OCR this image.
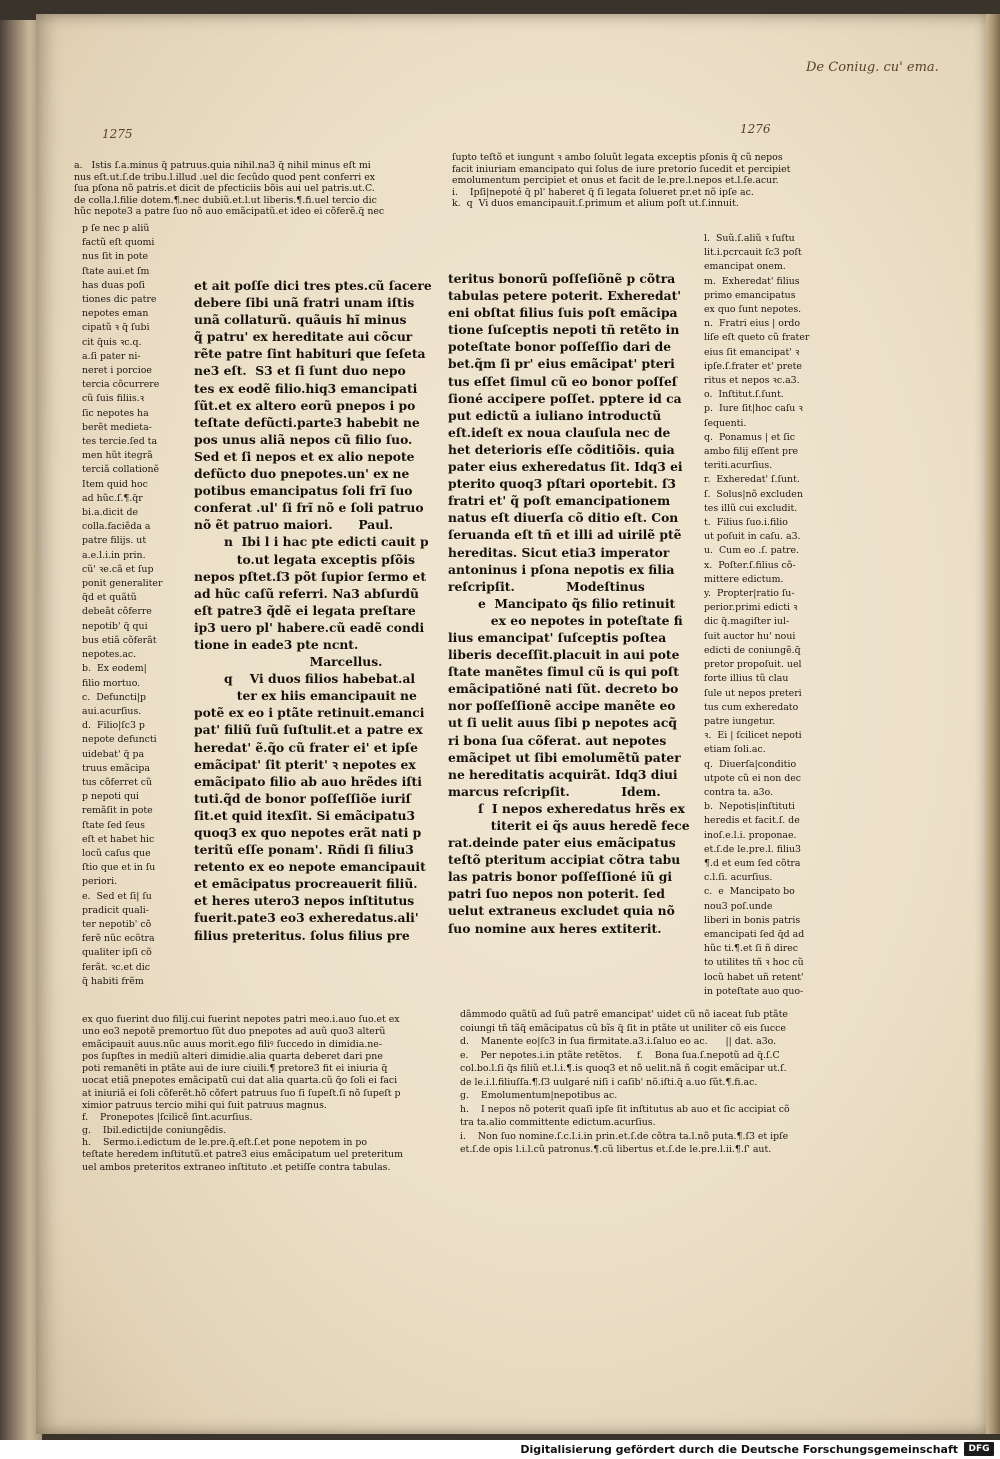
De Coniug. cu' ema.
1275	1276
a.   Istis ſ.a.minus q̃ patruus.quia nihil.na3 q̃ nihil minus eſt mi
nus eſt.ut.ſ.de tribu.l.illud .uel dic ſecũdo quod pent conferri ex
ſua pſona nõ patris.et dicit de pfecticiis bõis aui uel patris.ut.C.
de colla.l.filie dotem.¶.nec dubiũ.et.l.ut liberis.¶.fi.uel tercio dic
hũc nepote3 a patre ſuo nõ auo emãcipatũ.et ideo ei cõferẽ.q̃ nec
ſupto teſtõ et iungunt ꝛ ambo ſoluũt legata exceptis pſonis q̃ cũ nepos
facit iniuriam emancipato qui ſolus de iure pretorio ſucedit et percipiet
emolumentum percipiet et onus et facit de le.pre.l.nepos et.l.ſe.acur.
i.    Ipſi|nepoté q̃ pl' haberet q̃ ſi legata ſolueret pr.et nõ ipſe ac.
k.  q  Vi duos emancipauit.ſ.primum et alium poſt ut.ſ.innuit.
p ſe nec p aliũ
factũ eſt quomi
nus ſit in pote
ſtate aui.et ſm
has duas poſi
tiones dic patre
nepotes eman
cipatũ ꝛ q̃ ſubi
cit q̃uis ꝛc.q.
a.ſi pater ni-
neret i porcioe
tercia cõcurrere
cũ ſuis filiis.ꝛ
ſic nepotes ha
berẽt medieta-
tes tercie.ſed ta
men hũt itegrã
terciã collationẽ
Item quid hoc
ad hũc.ſ.¶.q̃r
bi.a.dicit de
colla.faciẽda a
patre filijs. ut
a.e.l.i.in prin.
cũ' ꝛe.cã et ſup
ponit generaliter
q̃d et quãtũ
debeãt cõferre
nepotib' q̃ qui
bus etiã cõferãt
nepotes.ac.
b.  Ex eodem|
filio mortuo.
c.  Defuncti|p
aui.acurſius.
d.  Filio|ſc3 p
nepote defuncti
uidebat' q̃ pa
truus emãcipa
tus cõferret cũ
p nepoti qui
remãſit in pote
ſtate ſed ſeus
eſt et habet hic
locũ caſus que
ſtio que et in ſu
periori.
e.  Sed et ſi| ſu
pradicit quali-
ter nepotib' cõ
ferẽ nũc ecõtra
qualiter ipſi cõ
ferãt. ꝛc.et dic
q̃ habiti frẽm
et ait poſſe dici tres ptes.cũ ſacere
debere ſibi unã fratri unam iſtis
unã collaturũ. quãuis hĩ minus
q̃ patru' ex hereditate aui cõcur
rẽte patre ſint habituri que ſeſeta
ne3 eſt.  S3 et ſi ſunt duo nepo
tes ex eodẽ filio.hiq3 emancipati
ſũt.et ex altero eorũ pnepos i po
teſtate defũcti.parte3 habebit ne
pos unus aliã nepos cũ filio ſuo.
Sed et ſi nepos et ex alio nepote
defũcto duo pnepotes.un' ex ne
potibus emancipatus ſoli frĩ ſuo
conferat .ul' ſi frĩ nõ e ſoli patruo
nõ ẽt patruo maiori.      Paul.
n  Ibi l i hac pte edicti cauit p
to.ut legata exceptis pſõis
nepos pſtet.ſ3 põt ſupior ſermo et
ad hũc caſũ referri. Na3 abſurdũ
eſt patre3 q̃dẽ ei legata preſtare
ip3 uero pl' habere.cũ eadẽ condi
tione in eade3 pte ncnt.
Marcellus.
q    Vi duos filios habebat.al
ter ex hiis emancipauit ne
potẽ ex eo i ptãte retinuit.emanci
pat' filiũ ſuũ ſuſtulit.et a patre ex
heredat' ẽ.q̃o cũ frater ei' et ipſe
emãcipat' ſit pterit' ꝛ nepotes ex
emãcipato filio ab auo hrẽdes iſti
tuti.q̃d de bonor poſſeſſiõe iuriſ
ſit.et quid itexſit. Si emãcipatu3
quoq3 ex quo nepotes erãt nati p
teritũ eſſe ponam'. Rñdi ſi filiu3
retento ex eo nepote emancipauit
et emãcipatus procreauerit filiũ.
et heres utero3 nepos inſtitutus
fuerit.pate3 eo3 exheredatus.ali'
filius preteritus. ſolus filius pre
teritus bonorũ poſſeſiõnẽ p cõtra
tabulas petere poterit. Exheredat'
eni obſtat filius ſuis poſt emãcipa
tione ſuſceptis nepoti tñ retẽto in
poteſtate bonor poſſeſſio dari de
bet.q̃m ſi pr' eius emãcipat' pteri
tus eſſet ſimul cũ eo bonor poſſeſ
ſioné accipere poſſet. pptere id ca
put edictũ a iuliano introductũ
eſt.ideſt ex noua clauſula nec de
het deterioris eſſe cõditiõis. quia
pater eius exheredatus ſit. Idq3 ei
pterito quoq3 pſtari oportebit. ſ3
fratri et' q̃ poſt emancipationem
natus eſt diuerſa cõ ditio eſt. Con
ſeruanda eſt tñ et illi ad uirilẽ ptẽ
hereditas. Sicut etia3 imperator
antoninus i pſona nepotis ex filia
reſcripſit.            Modeſtinus
e  Mancipato q̃s filio retinuit
ex eo nepotes in poteſtate fi
lius emancipat' ſuſceptis poſtea
liberis deceſſit.placuit in aui pote
ſtate manẽtes ſimul cũ is qui poſt
emãcipatiõné nati ſũt. decreto bo
nor poſſeſſionẽ accipe manẽte eo
ut ſi uelit auus ſibi p nepotes acq̃
ri bona ſua cõferat. aut nepotes
emãcipet ut ſibi emolumẽtũ pater
ne hereditatis acquirãt. Idq3 diui
marcus reſcripſit.            Idem.
ſ  I nepos exheredatus hrẽs ex
titerit ei q̃s auus heredẽ fece
rat.deinde pater eius emãcipatus
teſtõ pteritum accipiat cõtra tabu
las patris bonor poſſeſſioné iũ gi
patri ſuo nepos non poterit. ſed
uelut extraneus excludet quia nõ
ſuo nomine aux heres extiterit.
l.  Suũ.ſ.aliũ ꝛ ſuſtu
lit.i.pcrcauit ſc3 poſt
emancipat onem.
m.  Exheredat' filius
primo emancipatus
ex quo ſunt nepotes.
n.  Fratri eius | ordo
liſe eſt queto cũ frater
eius ſit emancipat' ꝛ
ipſe.ſ.frater et' prete
ritus et nepos ꝛc.a3.
o.  Inſtitut.ſ.ſunt.
p.  Iure ſit|hoc caſu ꝛ
ſequenti.
q.  Ponamus | et ſic
ambo filij eſſent pre
teriti.acurſius.
r.  Exheredat' ſ.ſunt.
ſ.  Solus|nõ excluden
tes illũ cui excludit.
t.  Filius ſuo.i.filio
ut poſuit in caſu. a3.
u.  Cum eo .ſ. patre.
x.  Poſter.ſ.filius cõ-
mittere edictum.
y.  Propter|ratio ſu-
perior.primi edicti ꝛ
dic q̃.magiſter iul-
ſuit auctor hu' noui
edicti de coniungẽ.q̃
pretor propoſuit. uel
forte illius tũ clau
ſule ut nepos preteri
tus cum exheredato
patre iungetur.
ꝛ.  Ei | ſcilicet nepoti
etiam ſoli.ac.
q.  Diuerſa|conditio
utpote cũ ei non dec
contra ta. a3o.
b.  Nepotis|inſtituti
heredis et facit.ſ. de
inoſ.e.l.i. proponae.
et.ſ.de le.pre.l. filiu3
¶.d et eum ſed cõtra
c.l.ſi. acurſius.
c.  e  Mancipato bo
nou3 poſ.unde
liberi in bonis patris
emancipati ſed q̃d ad
hũc ti.¶.et ſi ñ direc
to utilites tñ ꝛ hoc cũ
locũ habet uñ retent'
in poteſtate auo quo-
ex quo fuerint duo filij.cui fuerint nepotes patri meo.i.auo ſuo.et ex
uno eo3 nepotẽ premortuo ſũt duo pnepotes ad auũ quo3 alterũ
emãcipauit auus.nũc auus morit.ego filiꝰ ſuccedo in dimidia.ne-
pos ſupſtes in mediũ alteri dimidie.alia quarta deberet dari pne
poti remanẽti in ptãte aui de iure ciuili.¶ pretore3 fit ei iniuria q̃
uocat etiã pnepotes emãcipatũ cui dat alia quarta.cũ q̃o ſoli ei faci
at iniuriã ei ſoli cõferẽt.hõ cõfert patruus ſuo ſi ſupeſt.ſi nõ ſupeſt p
ximior patruus tercio mihi qui ſuit patruus magnus.
f.    Pronepotes |ſcilicẽ ſint.acurſius.
g.    Ibil.edicti|de coniungẽdis.
h.    Sermo.i.edictum de le.pre.q̃.eſt.ſ.et pone nepotem in po
teſtate heredem inſtitutũ.et patre3 eius emãcipatum uel preteritum
uel ambos preteritos extraneo inſtituto .et petiſſe contra tabulas.
dãmmodo quãtũ ad ſuũ patrẽ emancipat' uidet cũ nõ iaceat ſub ptãte
coiungi tñ tãq̃ emãcipatus cũ bĩs q̃ ſit in ptãte ut uniliter cõ eis ſucce
d.    Manente eo|ſc3 in ſua firmitate.a3.i.ſaluo eo ac.      || dat. a3o.
e.    Per nepotes.i.in ptãte retẽtos.     f.    Bona ſua.ſ.nepotũ ad q̃.ſ.C
col.bo.l.ſi q̃s filiũ et.l.i.¶.is quoq3 et nõ uelit.nã ñ cogit emãcipar ut.ſ.
de le.i.l.filiuſſa.¶.ſ3 uulgaré niſi i caſib' nõ.iſti.q̃ a.uo ſũt.¶.fi.ac.
g.    Emolumentum|nepotibus ac.
h.    I nepos nõ poterit quaſi ipſe ſit inſtitutus ab auo et ſic accipiat cõ
tra ta.alio committente edictum.acurſius.
i.    Non ſuo nomine.ſ.c.l.i.in prin.et.ſ.de cõtra ta.l.nõ puta.¶.ſ3 et ipſe
et.ſ.de opis l.i.l.cũ patronus.¶.cũ libertus et.ſ.de le.pre.l.ii.¶.ſ' aut.
Digitalisierung gefördert durch die Deutsche Forschungsgemeinschaft	DFG
